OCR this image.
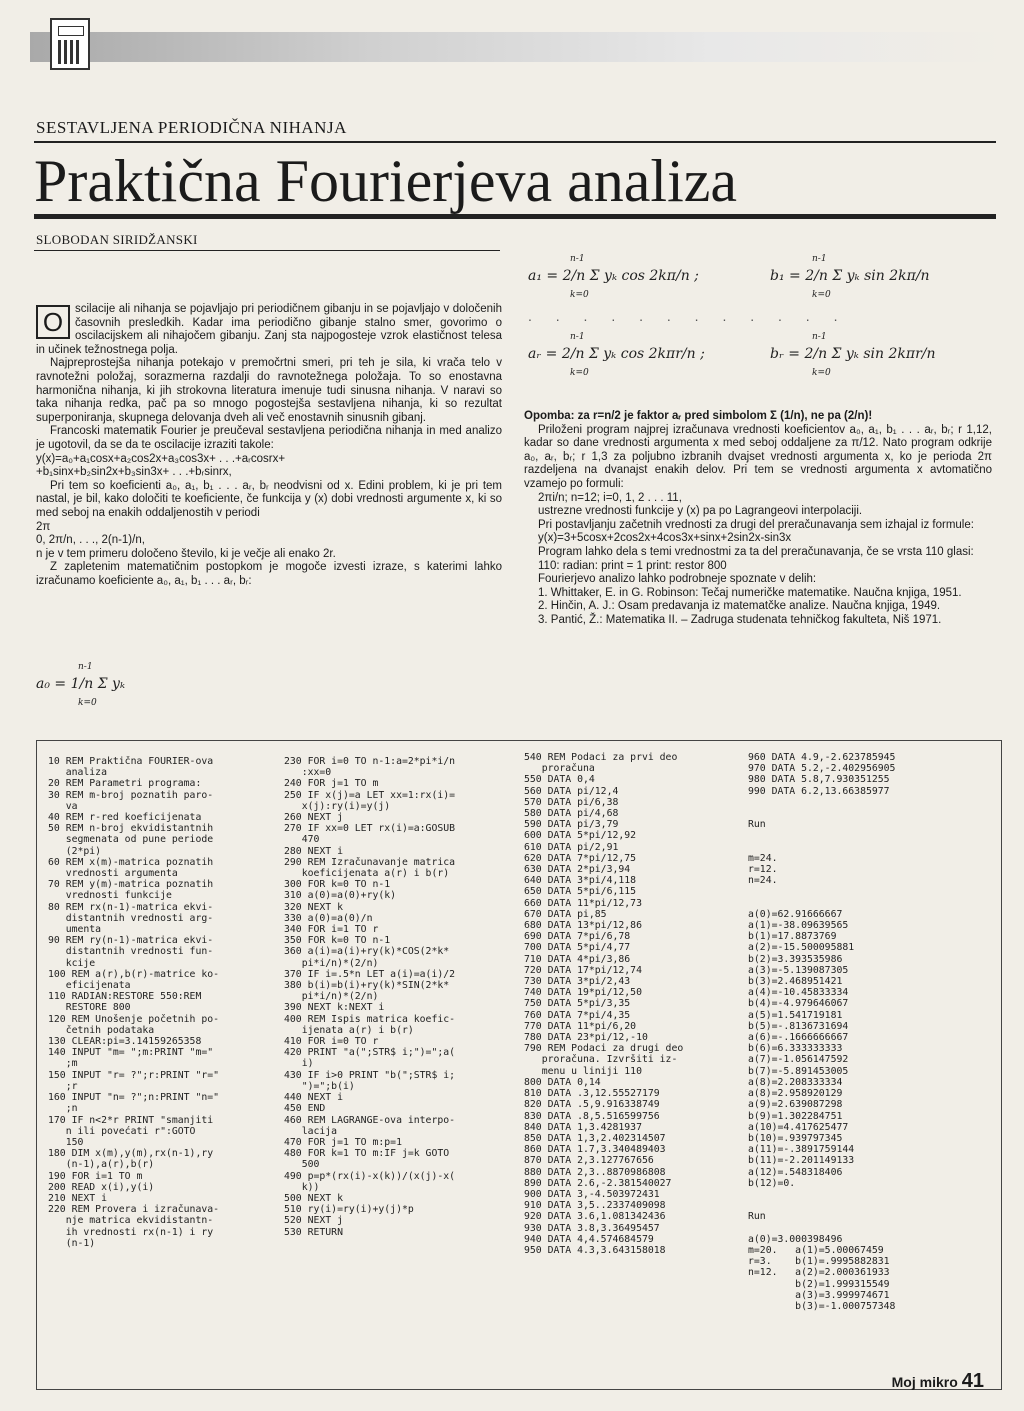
SESTAVLJENA PERIODIČNA NIHANJA
Praktična Fourierjeva analiza
SLOBODAN SIRIDŽANSKI

O	scilacije ali nihanja se pojavljajo pri periodičnem gibanju in se pojavljajo v določenih časovnih presledkih. Kadar ima periodično gibanje stalno smer, govorimo o oscilacijskem ali nihajočem gibanju. Zanj sta najpogosteje vzrok elastičnost telesa in učinek težnostnega polja.

Najpreprostejša nihanja potekajo v premočrtni smeri, pri teh je sila, ki vrača telo v ravnotežni položaj, sorazmerna razdalji do ravnotežnega položaja. To so enostavna harmonična nihanja, ki jih strokovna literatura imenuje tudi sinusna nihanja. V naravi so taka nihanja redka, pač pa so mnogo pogostejša sestavljena nihanja, ki so rezultat superponiranja, skupnega delovanja dveh ali več enostavnih sinusnih gibanj.

Francoski matematik Fourier je preučeval sestavljena periodična nihanja in med analizo je ugotovil, da se da te oscilacije izraziti takole:

y(x)=a₀+a₁cosx+a₂cos2x+a₃cos3x+ . . .+aᵣcosrx+

+b₁sinx+b₂sin2x+b₃sin3x+ . . .+bᵣsinrx,

Pri tem so koeficienti a₀, a₁, b₁ . . . aᵣ, bᵣ neodvisni od x. Edini problem, ki je pri tem nastal, je bil, kako določiti te koeficiente, če funkcija y (x) dobi vrednosti argumente x, ki so med seboj na enakih oddaljenostih v periodi

2π

0, 2π/n, . . ., 2(n-1)/n,

n je v tem primeru določeno število, ki je večje ali enako 2r.

Z zapletenim matematičnim postopkom je mogoče izvesti izraze, s katerimi lahko izračunamo koeficiente a₀, a₁, b₁ . . . aᵣ, bᵣ:

n-1
a₀ = 1/n Σ yₖ
k=0
n-1
a₁ = 2/n Σ yₖ cos 2kπ/n ;
k=0
n-1
b₁ = 2/n Σ yₖ sin 2kπ/n
k=0
. . . . . . . . . . . .
n-1
aᵣ = 2/n Σ yₖ cos 2kπr/n ;
k=0
n-1
bᵣ = 2/n Σ yₖ sin 2kπr/n
k=0

Opomba: za r=n/2 je faktor aᵣ pred simbolom Σ (1/n), ne pa (2/n)!

Priloženi program najprej izračunava vrednosti koeficientov a₀, a₁, b₁ . . . aᵣ, bᵣ; r 1,12, kadar so dane vrednosti argumenta x med seboj oddaljene za π/12. Nato program odkrije a₀, aᵣ, bᵣ; r 1,3 za poljubno izbranih dvajset vrednosti argumenta x, ko je perioda 2π razdeljena na dvanajst enakih delov. Pri tem se vrednosti argumenta x avtomatično vzamejo po formuli:

2πi/n; n=12; i=0, 1, 2 . . . 11,

ustrezne vrednosti funkcije y (x) pa po Lagrangeovi interpolaciji.

Pri postavljanju začetnih vrednosti za drugi del preračunavanja sem izhajal iz formule:

y(x)=3+5cosx+2cos2x+4cos3x+sinx+2sin2x-sin3x

Program lahko dela s temi vrednostmi za ta del preračunavanja, če se vrsta 110 glasi:

110: radian: print = 1 print: restor 800

Fourierjevo analizo lahko podrobneje spoznate v delih:

1. Whittaker, E. in G. Robinson: Tečaj numeričke matematike. Naučna knjiga, 1951.

2. Hinčin, A. J.: Osam predavanja iz matematčke analize. Naučna knjiga, 1949.

3. Pantić, Ž.: Matematika II. – Zadruga studenata tehničkog fakulteta, Niš 1971.

10 REM Praktična FOURIER-ova
analiza
20 REM Parametri programa:
30 REM m-broj poznatih paro-
va
40 REM r-red koeficijenata
50 REM n-broj ekvidistantnih
segmenata od pune periode
(2*pi)
60 REM x(m)-matrica poznatih
vrednosti argumenta
70 REM y(m)-matrica poznatih
vrednosti funkcije
80 REM rx(n-1)-matrica ekvi-
distantnih vrednosti arg-
umenta
90 REM ry(n-1)-matrica ekvi-
distantnih vrednosti fun-
kcije
100 REM a(r),b(r)-matrice ko-
eficijenata
110 RADIAN:RESTORE 550:REM
RESTORE 800
120 REM Unošenje početnih po-
četnih podataka
130 CLEAR:pi=3.14159265358
140 INPUT "m= ";m:PRINT "m="
;m
150 INPUT "r= ?";r:PRINT "r="
;r
160 INPUT "n= ?";n:PRINT "n="
;n
170 IF n<2*r PRINT "smanjiti
n ili povećati r":GOTO
150
180 DIM x(m),y(m),rx(n-1),ry
(n-1),a(r),b(r)
190 FOR i=1 TO m
200 READ x(i),y(i)
210 NEXT i
220 REM Provera i izračunava-
nje matrica ekvidistantn-
ih vrednosti rx(n-1) i ry
(n-1)
230 FOR i=0 TO n-1:a=2*pi*i/n
:xx=0
240 FOR j=1 TO m
250 IF x(j)=a LET xx=1:rx(i)=
x(j):ry(i)=y(j)
260 NEXT j
270 IF xx=0 LET rx(i)=a:GOSUB
470
280 NEXT i
290 REM Izračunavanje matrica
koeficijenata a(r) i b(r)
300 FOR k=0 TO n-1
310 a(0)=a(0)+ry(k)
320 NEXT k
330 a(0)=a(0)/n
340 FOR i=1 TO r
350 FOR k=0 TO n-1
360 a(i)=a(i)+ry(k)*COS(2*k*
pi*i/n)*(2/n)
370 IF i=.5*n LET a(i)=a(i)/2
380 b(i)=b(i)+ry(k)*SIN(2*k*
pi*i/n)*(2/n)
390 NEXT k:NEXT i
400 REM Ispis matrica koefic-
ijenata a(r) i b(r)
410 FOR i=0 TO r
420 PRINT "a(";STR$ i;")=";a(
i)
430 IF i>0 PRINT "b(";STR$ i;
")=";b(i)
440 NEXT i
450 END
460 REM LAGRANGE-ova interpo-
lacija
470 FOR j=1 TO m:p=1
480 FOR k=1 TO m:IF j=k GOTO
500
490 p=p*(rx(i)-x(k))/(x(j)-x(
k))
500 NEXT k
510 ry(i)=ry(i)+y(j)*p
520 NEXT j
530 RETURN
540 REM Podaci za prvi deo
proračuna
550 DATA 0,4
560 DATA pi/12,4
570 DATA pi/6,38
580 DATA pi/4,68
590 DATA pi/3,79
600 DATA 5*pi/12,92
610 DATA pi/2,91
620 DATA 7*pi/12,75
630 DATA 2*pi/3,94
640 DATA 3*pi/4,118
650 DATA 5*pi/6,115
660 DATA 11*pi/12,73
670 DATA pi,85
680 DATA 13*pi/12,86
690 DATA 7*pi/6,78
700 DATA 5*pi/4,77
710 DATA 4*pi/3,86
720 DATA 17*pi/12,74
730 DATA 3*pi/2,43
740 DATA 19*pi/12,50
750 DATA 5*pi/3,35
760 DATA 7*pi/4,35
770 DATA 11*pi/6,20
780 DATA 23*pi/12,-10
790 REM Podaci za drugi deo
proračuna. Izvršiti iz-
menu u liniji 110
800 DATA 0,14
810 DATA .3,12.55527179
820 DATA .5,9.916338749
830 DATA .8,5.516599756
840 DATA 1,3.4281937
850 DATA 1,3,2.402314507
860 DATA 1.7,3.340489403
870 DATA 2,3.127767656
880 DATA 2,3..8870986808
890 DATA 2.6,-2.381540027
900 DATA 3,-4.503972431
910 DATA 3,5..2337409098
920 DATA 3.6,1.081342436
930 DATA 3.8,3.36495457
940 DATA 4,4.574684579
950 DATA 4.3,3.643158018
960 DATA 4.9,-2.623785945
970 DATA 5.2,-2.402956905
980 DATA 5.8,7.930351255
990 DATA 6.2,13.66385977

Run

m=24.
r=12.
n=24.

a(0)=62.91666667
a(1)=-38.09639565
b(1)=17.8873769
a(2)=-15.500095881
b(2)=3.393535986
a(3)=-5.139087305
b(3)=2.468951421
a(4)=-10.45833334
b(4)=-4.979646067
a(5)=1.541719181
b(5)=-.8136731694
a(6)=-.1666666667
b(6)=6.333333333
a(7)=-1.056147592
b(7)=-5.891453005
a(8)=2.208333334
a(8)=2.958920129
a(9)=2.639087298
b(9)=1.302284751
a(10)=4.417625477
b(10)=.939797345
a(11)=-.3891759144
b(11)=-2.201149133
a(12)=.548318406
b(12)=0.

Run

a(0)=3.000398496
m=20.   a(1)=5.00067459
r=3.    b(1)=.9995882831
n=12.   a(2)=2.000361933
b(2)=1.999315549
a(3)=3.999974671
b(3)=-1.000757348
Moj mikro 41
